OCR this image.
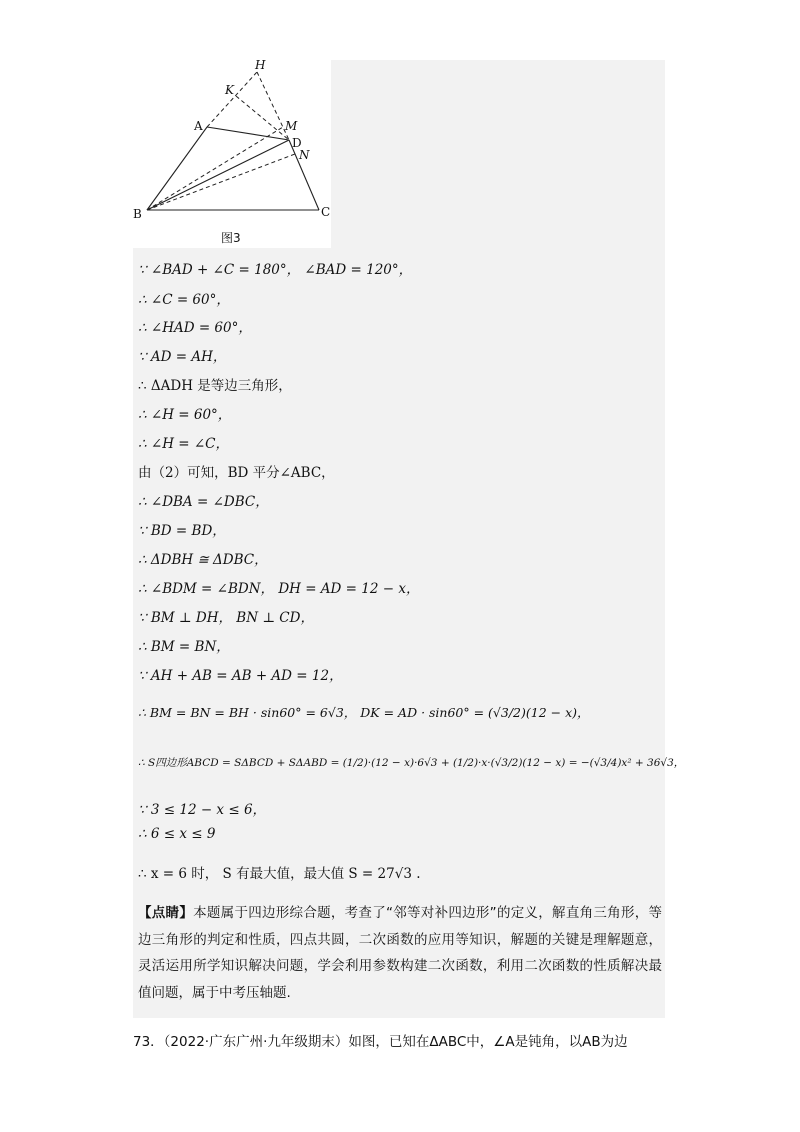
H
K
A	M
D
N
B	C
图3
∵ ∠BAD + ∠C = 180°， ∠BAD = 120°，
∴ ∠C = 60°，
∴ ∠HAD = 60°，
∵ AD = AH，
∴ ΔADH 是等边三角形，
∴ ∠H = 60°，
∴ ∠H = ∠C，
由（2）可知，BD 平分∠ABC，
∴ ∠DBA = ∠DBC，
∵ BD = BD，
∴ ΔDBH ≅ ΔDBC，
∴ ∠BDM = ∠BDN， DH = AD = 12 − x，
∵ BM ⊥ DH， BN ⊥ CD，
∴ BM = BN，
∵ AH + AB = AB + AD = 12，
∴ BM = BN = BH · sin60° = 6√3， DK = AD · sin60° = (√3/2)(12 − x)，
∴ S四边形ABCD = SΔBCD + SΔABD = (1/2)·(12 − x)·6√3 + (1/2)·x·(√3/2)(12 − x) = −(√3/4)x² + 36√3，
∵ 3 ≤ 12 − x ≤ 6，
∴ 6 ≤ x ≤ 9
∴ x = 6 时， S 有最大值，最大值 S = 27√3 .
【点睛】本题属于四边形综合题，考查了“邻等对补四边形”的定义，解直角三角形，等边三角形的判定和性质，四点共圆，二次函数的应用等知识，解题的关键是理解题意，灵活运用所学知识解决问题，学会利用参数构建二次函数，利用二次函数的性质解决最值问题，属于中考压轴题.
73．（2022·广东广州·九年级期末）如图，已知在ΔABC中，∠A是钝角，以AB为边
